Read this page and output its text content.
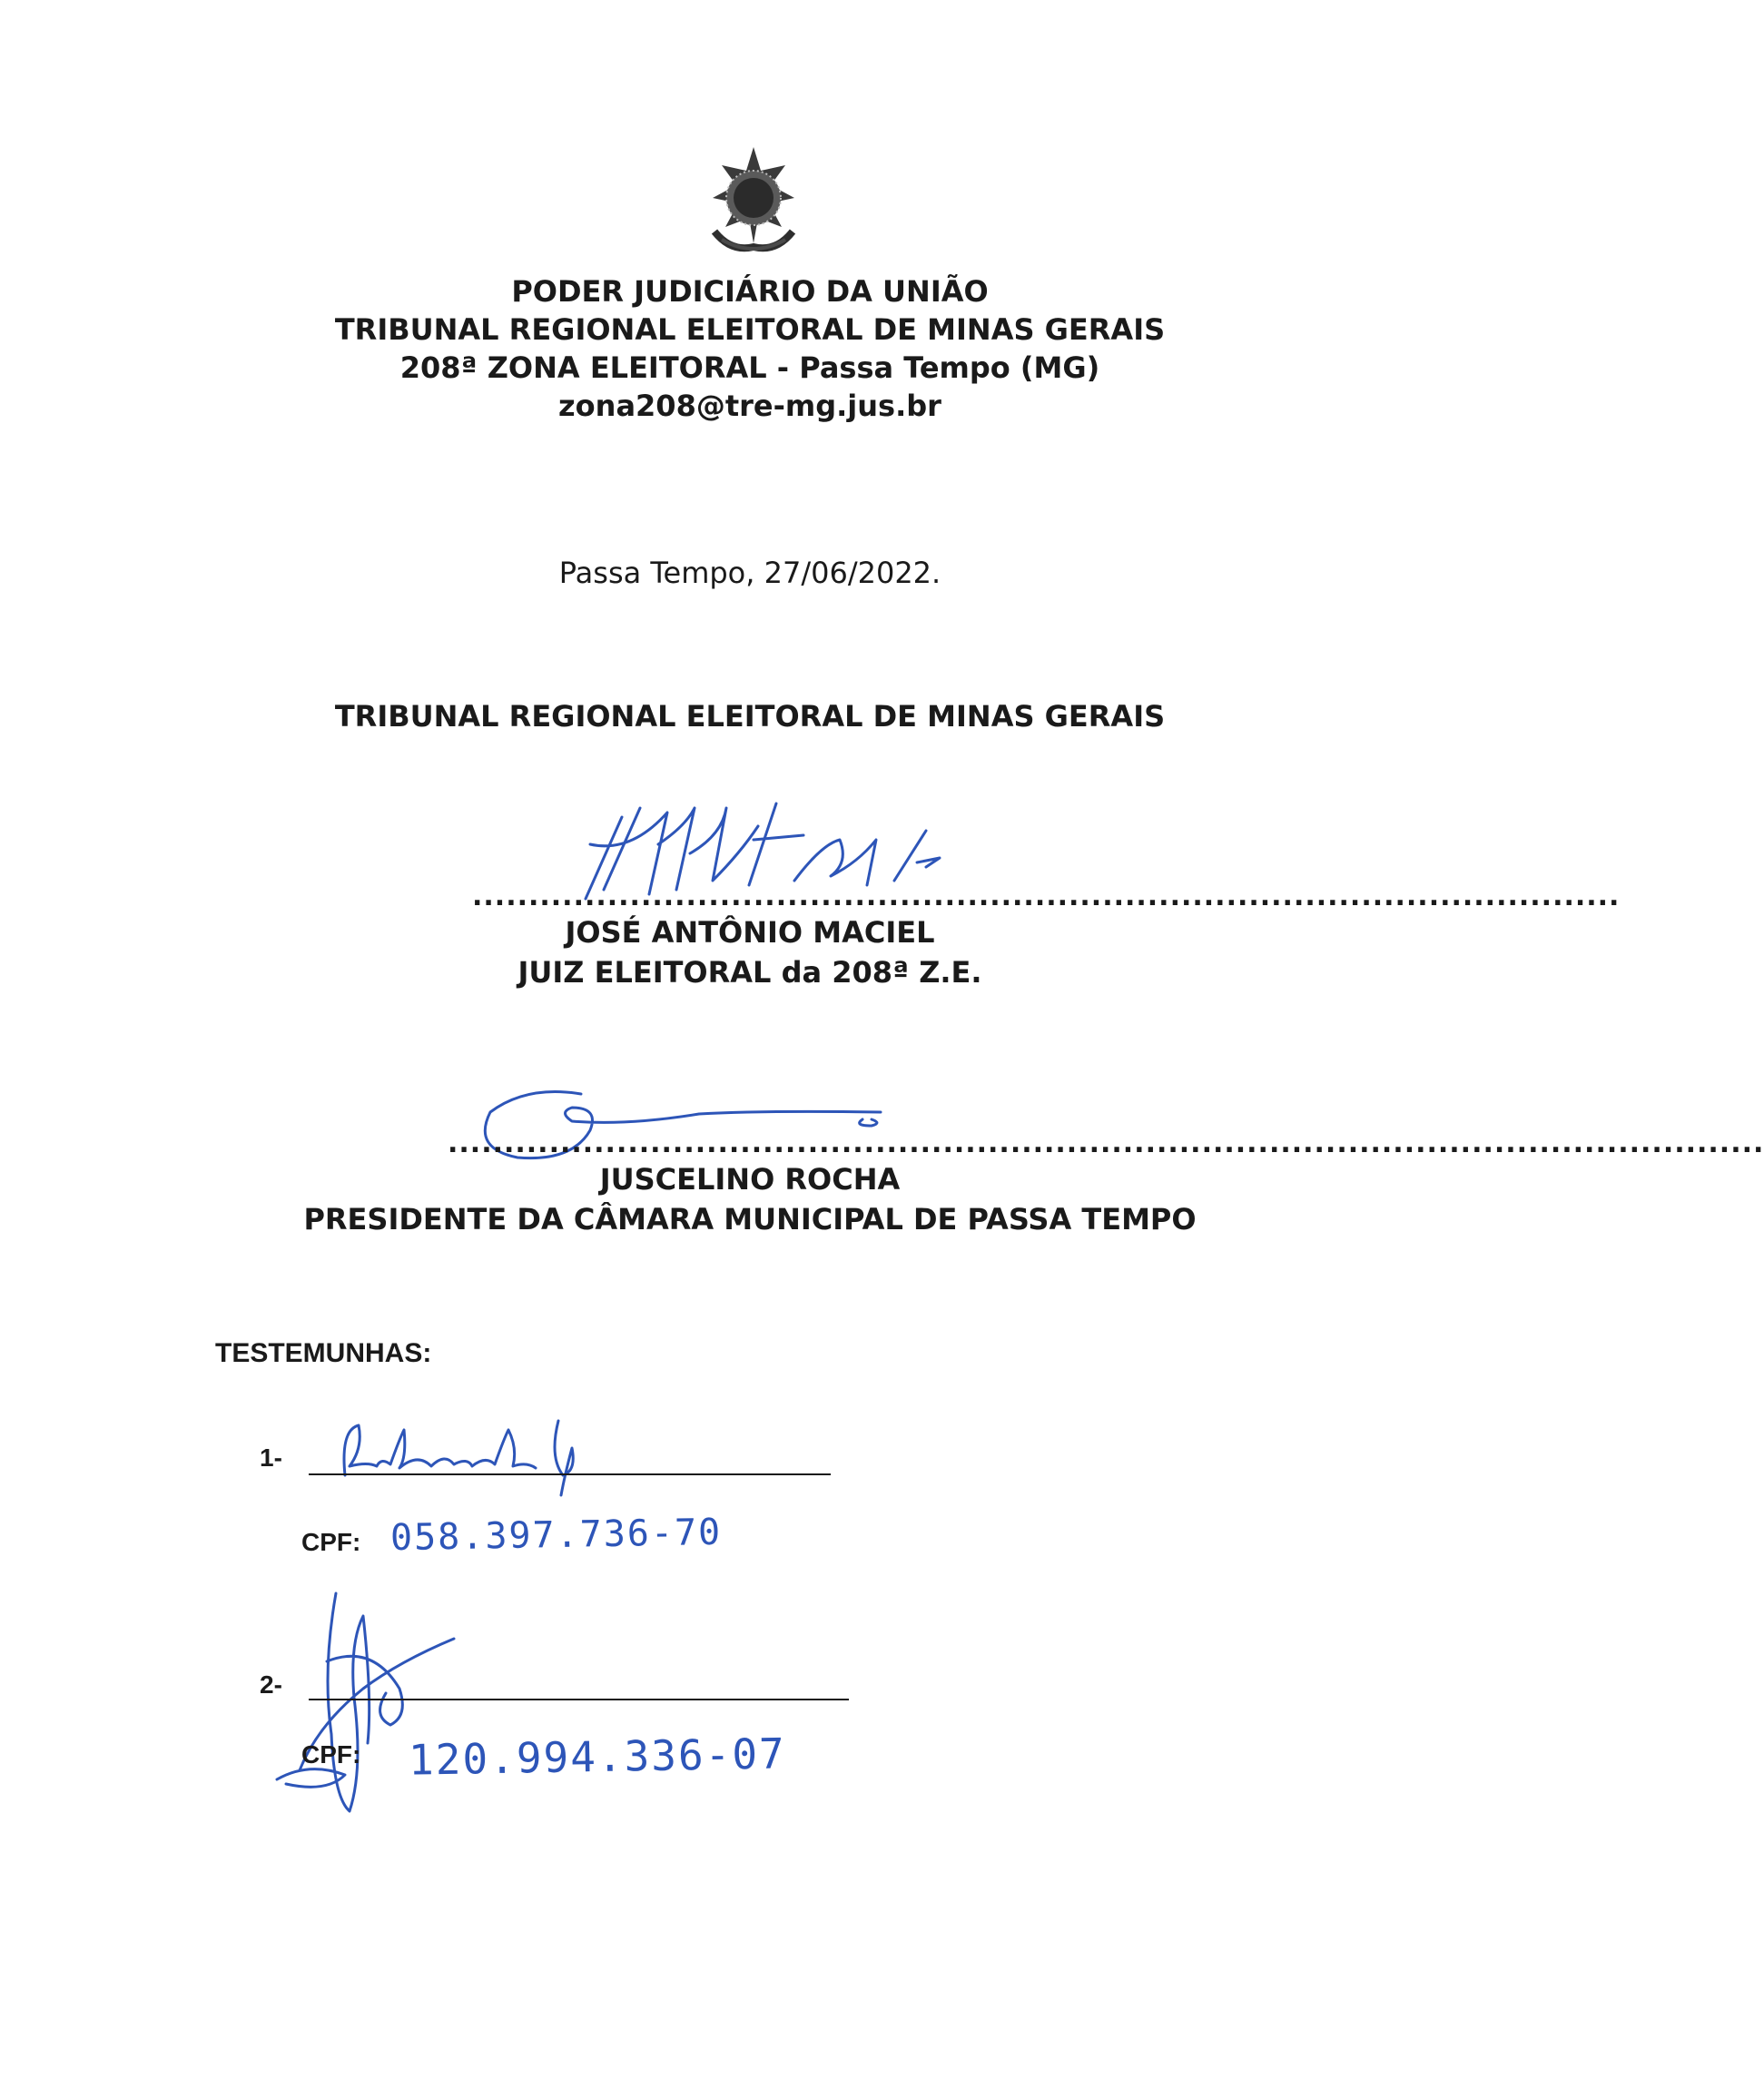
PODER JUDICIÁRIO DA UNIÃO
TRIBUNAL REGIONAL ELEITORAL DE MINAS GERAIS
208ª ZONA ELEITORAL - Passa Tempo (MG)
zona208@tre-mg.jus.br
Passa Tempo, 27/06/2022.
TRIBUNAL REGIONAL ELEITORAL DE MINAS GERAIS
......................................................................................................
JOSÉ ANTÔNIO MACIEL
JUIZ ELEITORAL da 208ª Z.E.
.....................................................................................................................
JUSCELINO ROCHA
PRESIDENTE DA CÂMARA MUNICIPAL DE PASSA TEMPO
TESTEMUNHAS:
1-
CPF: 058.397.736-70
2-
CPF: 120.994.336-07
